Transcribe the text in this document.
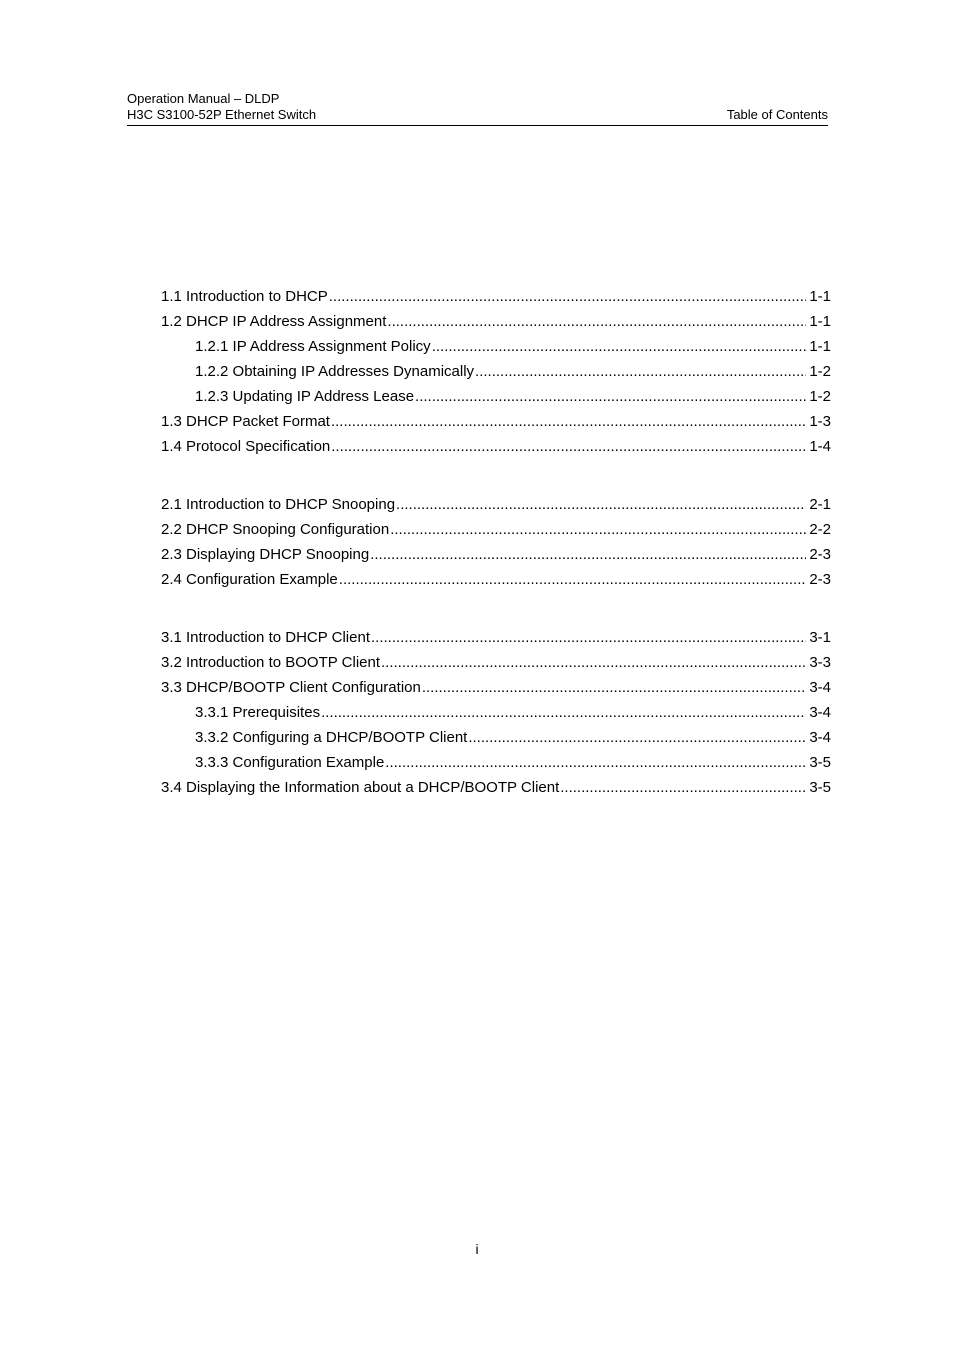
Operation Manual – DLDP
H3C S3100-52P Ethernet Switch	Table of Contents
1.1 Introduction to DHCP .....	1-1
1.2 DHCP IP Address Assignment .....	1-1
1.2.1 IP Address Assignment Policy .....	1-1
1.2.2 Obtaining IP Addresses Dynamically .....	1-2
1.2.3 Updating IP Address Lease .....	1-2
1.3 DHCP Packet Format .....	1-3
1.4 Protocol Specification .....	1-4
2.1 Introduction to DHCP Snooping .....	2-1
2.2 DHCP Snooping Configuration .....	2-2
2.3 Displaying DHCP Snooping .....	2-3
2.4 Configuration Example .....	2-3
3.1 Introduction to DHCP Client .....	3-1
3.2 Introduction to BOOTP Client .....	3-3
3.3 DHCP/BOOTP Client Configuration .....	3-4
3.3.1 Prerequisites .....	3-4
3.3.2 Configuring a DHCP/BOOTP Client .....	3-4
3.3.3 Configuration Example .....	3-5
3.4 Displaying the Information about a DHCP/BOOTP Client .....	3-5
i
